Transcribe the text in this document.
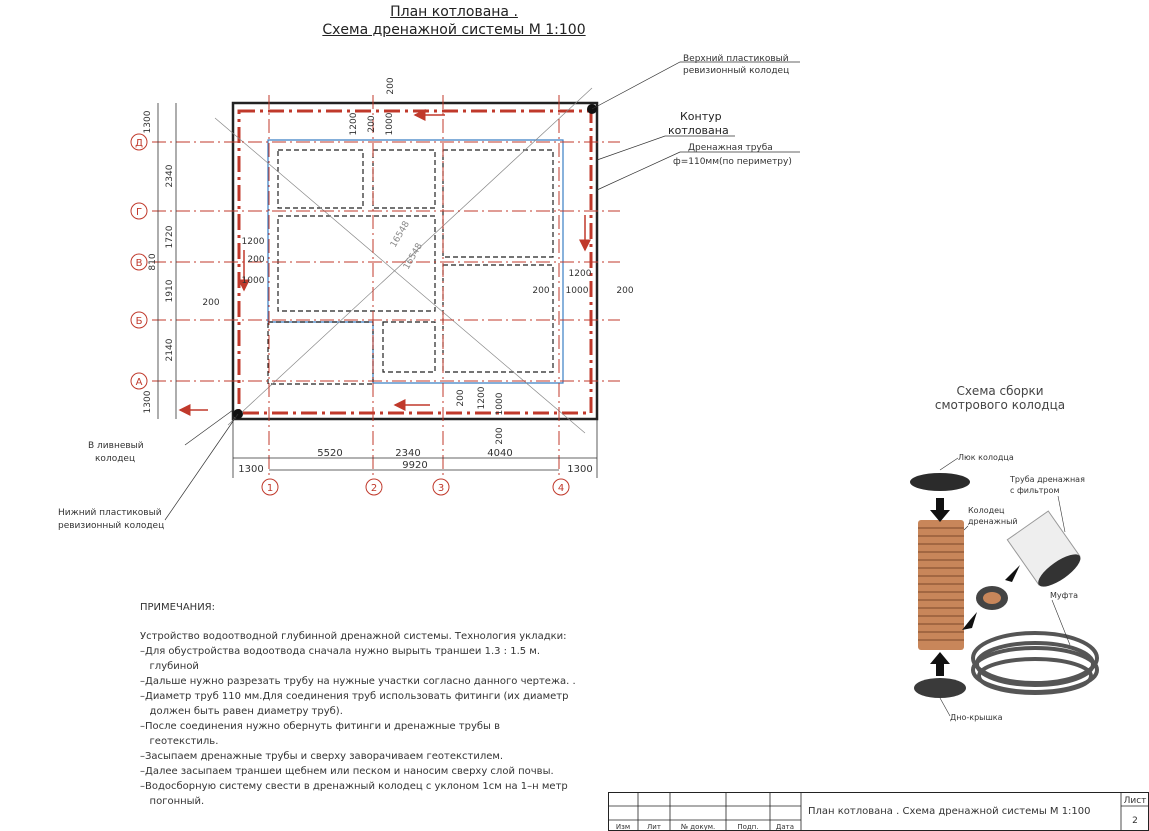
План котлована .
Схема дренажной системы М 1:100
16548
16548
Д
Г
В
Б
А
1	2	3	4
1300
5520	2340	4040
1300
9920
1300
2340
1720
810
1910
2140
1300
200
1200 200 1000
1200
200
1000
200
1200
200 1000	200
200 1200 1000
200
Верхний пластиковый
ревизионный колодец
Контур
котлована
Дренажная труба
ф=110мм(по периметру)
В ливневый
колодец
Нижний пластиковый
ревизионный колодец
ПРИМЕЧАНИЯ:
Устройство водоотводной глубинной дренажной системы. Технология укладки:
–Для обустройства водоотвода сначала нужно вырыть траншеи 1.3 : 1.5 м.
глубиной
–Дальше нужно разрезать трубу на нужные участки согласно данного чертежа. .
–Диаметр труб 110 мм.Для соединения труб использовать фитинги (их диаметр
должен быть равен диаметру труб).
–После соединения нужно обернуть фитинги и дренажные трубы в
геотекстиль.
–Засыпаем дренажные трубы и сверху заворачиваем геотекстилем.
–Далее засыпаем траншеи щебнем или песком и наносим сверху слой почвы.
–Водосборную систему свести в дренажный колодец с уклоном 1см на 1–н метр
погонный.
Схема сборки
смотрового колодца
Люк колодца
Труба дренажная
с фильтром
Колодец
дренажный
Муфта
Дно-крышка
Изм Лит	№ докум.	Подп. Дата
План котлована . Схема дренажной системы М 1:100
Лист
2
